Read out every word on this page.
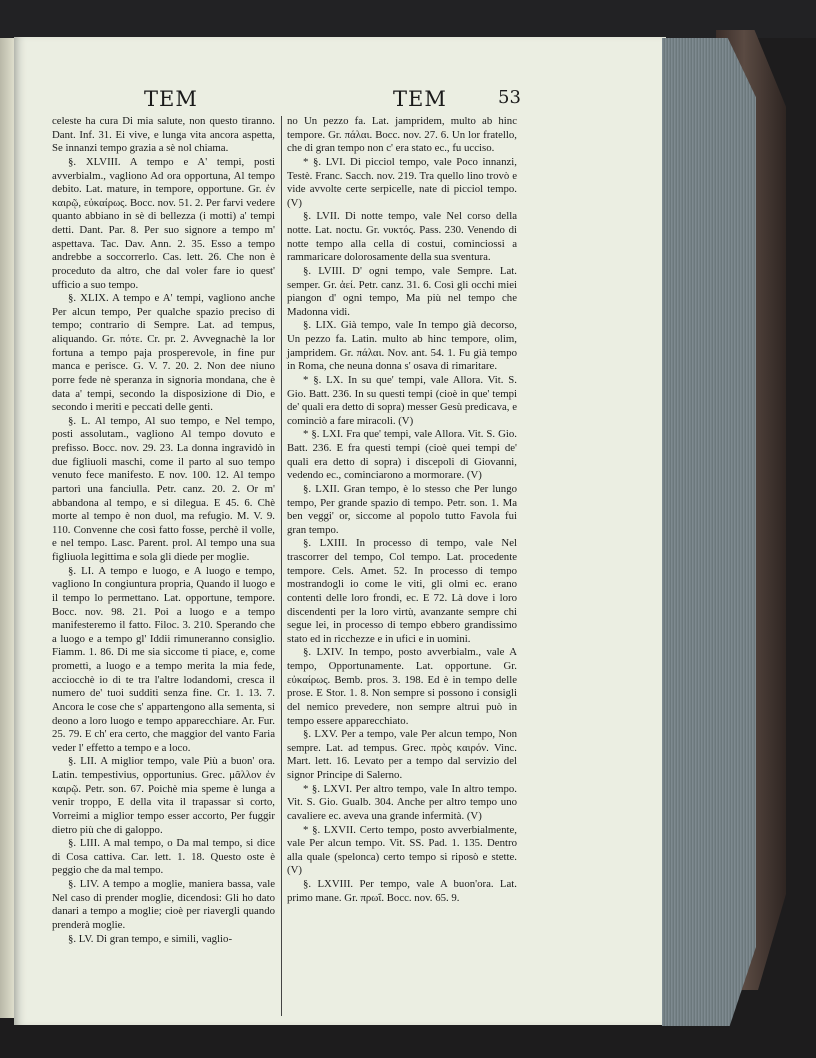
TEM	TEM	53

celeste ha cura Di mia salute, non questo tiranno. Dant. Inf. 31. Ei vive, e lunga vita ancora aspetta, Se innanzi tempo grazia a sè nol chiama.

§. XLVIII. A tempo e A' tempi, posti avverbialm., vagliono Ad ora opportuna, Al tempo debito. Lat. mature, in tempore, opportune. Gr. ἐν καιρῷ, εὐκαίρως. Bocc. nov. 51. 2. Per farvi vedere quanto abbiano in sè di bellezza (i motti) a' tempi detti. Dant. Par. 8. Per suo signore a tempo m' aspettava. Tac. Dav. Ann. 2. 35. Esso a tempo andrebbe a soccorrerlo. Cas. lett. 26. Che non è proceduto da altro, che dal voler fare io quest' ufficio a suo tempo.

§. XLIX. A tempo e A' tempi, vagliono anche Per alcun tempo, Per qualche spazio preciso di tempo; contrario di Sempre. Lat. ad tempus, aliquando. Gr. πότε. Cr. pr. 2. Avvegnachè la lor fortuna a tempo paja prosperevole, in fine pur manca e perisce. G. V. 7. 20. 2. Non dee niuno porre fede nè speranza in signoria mondana, che è data a' tempi, secondo la disposizione di Dio, e secondo i meriti e peccati delle genti.

§. L. Al tempo, Al suo tempo, e Nel tempo, posti assolutam., vagliono Al tempo dovuto e prefisso. Bocc. nov. 29. 23. La donna ingravidò in due figliuoli maschi, come il parto al suo tempo venuto fece manifesto. E nov. 100. 12. Al tempo partorì una fanciulla. Petr. canz. 20. 2. Or m' abbandona al tempo, e si dilegua. E 45. 6. Chè morte al tempo è non duol, ma refugio. M. V. 9. 110. Convenne che così fatto fosse, perchè il volle, e nel tempo. Lasc. Parent. prol. Al tempo una sua figliuola legittima e sola gli diede per moglie.

§. LI. A tempo e luogo, e A luogo e tempo, vagliono In congiuntura propria, Quando il luogo e il tempo lo permettano. Lat. opportune, tempore. Bocc. nov. 98. 21. Poi a luogo e a tempo manifesteremo il fatto. Filoc. 3. 210. Sperando che a luogo e a tempo gl' Iddii rimuneranno consiglio. Fiamm. 1. 86. Di me sia siccome ti piace, e, come promettì, a luogo e a tempo merita la mia fede, acciocchè io di te tra l'altre lodandomi, cresca il numero de' tuoi sudditi senza fine. Cr. 1. 13. 7. Ancora le cose che s' appartengono alla sementa, si deono a loro luogo e tempo apparecchiare. Ar. Fur. 25. 79. E ch' era certo, che maggior del vanto Faria veder l' effetto a tempo e a loco.

§. LII. A miglior tempo, vale Più a buon' ora. Latin. tempestivius, opportunius. Grec. μᾶλλον ἐν καιρῷ. Petr. son. 67. Poichè mia speme è lunga a venir troppo, E della vita il trapassar sì corto, Vorreimi a miglior tempo esser accorto, Per fuggir dietro più che di galoppo.

§. LIII. A mal tempo, o Da mal tempo, si dice di Cosa cattiva. Car. lett. 1. 18. Questo oste è peggio che da mal tempo.

§. LIV. A tempo a moglie, maniera bassa, vale Nel caso di prender moglie, dicendosi: Gli ho dato danari a tempo a moglie; cioè per riavergli quando prenderà moglie.

§. LV. Di gran tempo, e simili, vaglio-

no Un pezzo fa. Lat. jampridem, multo ab hinc tempore. Gr. πάλαι. Bocc. nov. 27. 6. Un lor fratello, che di gran tempo non c' era stato ec., fu ucciso.

* §. LVI. Di picciol tempo, vale Poco innanzi, Testè. Franc. Sacch. nov. 219. Tra quello lino trovò e vide avvolte certe serpicelle, nate di picciol tempo. (V)

§. LVII. Di notte tempo, vale Nel corso della notte. Lat. noctu. Gr. νυκτός. Pass. 230. Venendo di notte tempo alla cella di costui, cominciossi a rammaricare dolorosamente della sua sventura.

§. LVIII. D' ogni tempo, vale Sempre. Lat. semper. Gr. ἀεί. Petr. canz. 31. 6. Così gli occhi miei piangon d' ogni tempo, Ma più nel tempo che Madonna vidi.

§. LIX. Già tempo, vale In tempo già decorso, Un pezzo fa. Latin. multo ab hinc tempore, olim, jampridem. Gr. πάλαι. Nov. ant. 54. 1. Fu già tempo in Roma, che neuna donna s' osava di rimaritare.

* §. LX. In su que' tempi, vale Allora. Vit. S. Gio. Batt. 236. In su questi tempi (cioè in que' tempi de' quali era detto di sopra) messer Gesù predicava, e cominciò a fare miracoli. (V)

* §. LXI. Fra que' tempi, vale Allora. Vit. S. Gio. Batt. 236. E fra questi tempi (cioè quei tempi de' quali era detto di sopra) i discepoli di Giovanni, vedendo ec., cominciarono a mormorare. (V)

§. LXII. Gran tempo, è lo stesso che Per lungo tempo, Per grande spazio di tempo. Petr. son. 1. Ma ben veggi' or, siccome al popolo tutto Favola fui gran tempo.

§. LXIII. In processo di tempo, vale Nel trascorrer del tempo, Col tempo. Lat. procedente tempore. Cels. Amet. 52. In processo di tempo mostrandogli io come le viti, gli olmi ec. erano contenti delle loro frondi, ec. E 72. Là dove i loro discendenti per la loro virtù, avanzante sempre chi segue lei, in processo di tempo ebbero grandissimo stato ed in ricchezze e in ufici e in uomini.

§. LXIV. In tempo, posto avverbialm., vale A tempo, Opportunamente. Lat. opportune. Gr. εὐκαίρως. Bemb. pros. 3. 198. Ed è in tempo delle prose. E Stor. 1. 8. Non sempre si possono i consigli del nemico prevedere, non sempre altrui può in tempo essere apparecchiato.

§. LXV. Per a tempo, vale Per alcun tempo, Non sempre. Lat. ad tempus. Grec. πρὸς καιρόν. Vinc. Mart. lett. 16. Levato per a tempo dal servizio del signor Principe di Salerno.

* §. LXVI. Per altro tempo, vale In altro tempo. Vit. S. Gio. Gualb. 304. Anche per altro tempo uno cavaliere ec. aveva una grande infermità. (V)

* §. LXVII. Certo tempo, posto avverbialmente, vale Per alcun tempo. Vit. SS. Pad. 1. 135. Dentro alla quale (spelonca) certo tempo si riposò e stette. (V)

§. LXVIII. Per tempo, vale A buon'ora. Lat. primo mane. Gr. πρωΐ. Bocc. nov. 65. 9.
